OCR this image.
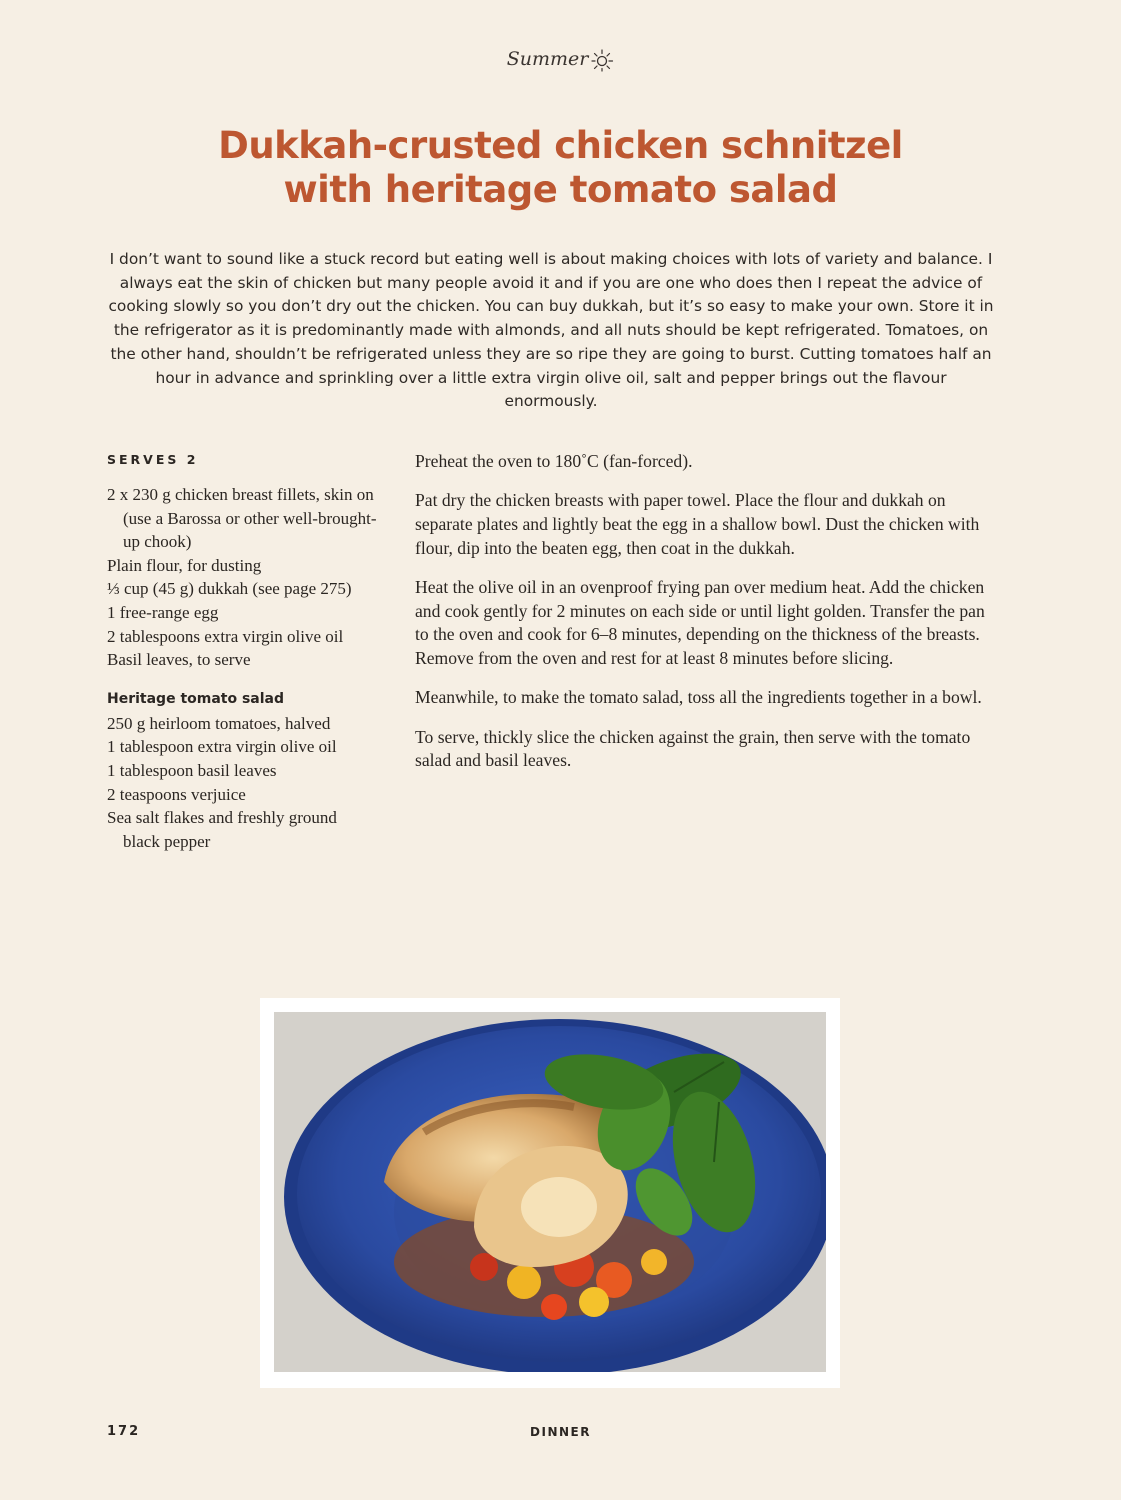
Summer
Dukkah-crusted chicken schnitzel
with heritage tomato salad

I don’t want to sound like a stuck record but eating well is about making choices with lots of variety and balance. I always eat the skin of chicken but many people avoid it and if you are one who does then I repeat the advice of cooking slowly so you don’t dry out the chicken. You can buy dukkah, but it’s so easy to make your own. Store it in the refrigerator as it is predominantly made with almonds, and all nuts should be kept refrigerated. Tomatoes, on the other hand, shouldn’t be refrigerated unless they are so ripe they are going to burst. Cutting tomatoes half an hour in advance and sprinkling over a little extra virgin olive oil, salt and pepper brings out the flavour enormously.

SERVES 2
2 x 230 g chicken breast fillets, skin on (use a Barossa or other well-brought-up chook)
Plain flour, for dusting
⅓ cup (45 g) dukkah (see page 275)
1 free-range egg
2 tablespoons extra virgin olive oil
Basil leaves, to serve
Heritage tomato salad
250 g heirloom tomatoes, halved
1 tablespoon extra virgin olive oil
1 tablespoon basil leaves
2 teaspoons verjuice
Sea salt flakes and freshly ground black pepper

Preheat the oven to 180˚C (fan-forced).

Pat dry the chicken breasts with paper towel. Place the flour and dukkah on separate plates and lightly beat the egg in a shallow bowl. Dust the chicken with flour, dip into the beaten egg, then coat in the dukkah.

Heat the olive oil in an ovenproof frying pan over medium heat. Add the chicken and cook gently for 2 minutes on each side or until light golden. Transfer the pan to the oven and cook for 6–8 minutes, depending on the thickness of the breasts. Remove from the oven and rest for at least 8 minutes before slicing.

Meanwhile, to make the tomato salad, toss all the ingredients together in a bowl.

To serve, thickly slice the chicken against the grain, then serve with the tomato salad and basil leaves.

172	DINNER
